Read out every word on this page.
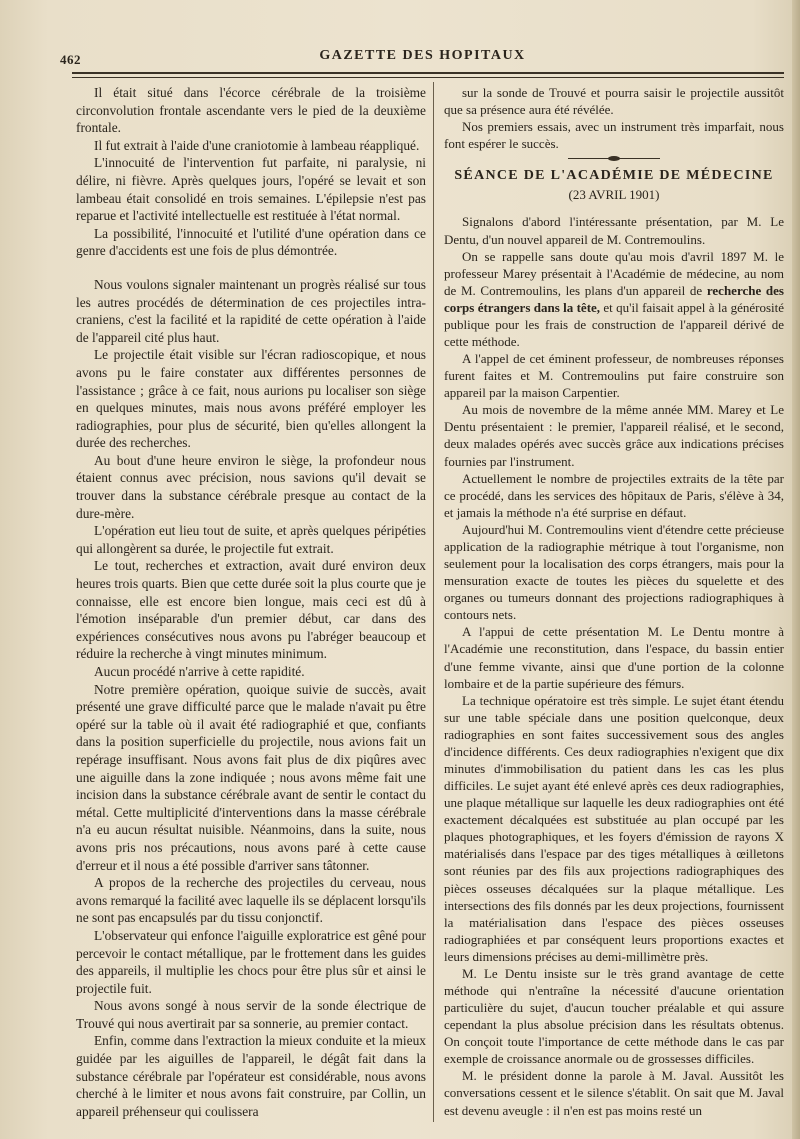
462	GAZETTE DES HOPITAUX

Il était situé dans l'écorce cérébrale de la troisième circonvolution frontale ascendante vers le pied de la deuxième frontale.

Il fut extrait à l'aide d'une craniotomie à lambeau réappliqué.

L'innocuité de l'intervention fut parfaite, ni paralysie, ni délire, ni fièvre. Après quelques jours, l'opéré se levait et son lambeau était consolidé en trois semaines. L'épilepsie n'est pas reparue et l'activité intellectuelle est restituée à l'état normal.

La possibilité, l'innocuité et l'utilité d'une opération dans ce genre d'accidents est une fois de plus démontrée.

Nous voulons signaler maintenant un progrès réalisé sur tous les autres procédés de détermination de ces projectiles intra-craniens, c'est la facilité et la rapidité de cette opération à l'aide de l'appareil cité plus haut.

Le projectile était visible sur l'écran radioscopique, et nous avons pu le faire constater aux différentes personnes de l'assistance ; grâce à ce fait, nous aurions pu localiser son siège en quelques minutes, mais nous avons préféré employer les radiographies, pour plus de sécurité, bien qu'elles allongent la durée des recherches.

Au bout d'une heure environ le siège, la profondeur nous étaient connus avec précision, nous savions qu'il devait se trouver dans la substance cérébrale presque au contact de la dure-mère.

L'opération eut lieu tout de suite, et après quelques péripéties qui allongèrent sa durée, le projectile fut extrait.

Le tout, recherches et extraction, avait duré environ deux heures trois quarts. Bien que cette durée soit la plus courte que je connaisse, elle est encore bien longue, mais ceci est dû à l'émotion inséparable d'un premier début, car dans des expériences consécutives nous avons pu l'abréger beaucoup et réduire la recherche à vingt minutes minimum.

Aucun procédé n'arrive à cette rapidité.

Notre première opération, quoique suivie de succès, avait présenté une grave difficulté parce que le malade n'avait pu être opéré sur la table où il avait été radiographié et que, confiants dans la position superficielle du projectile, nous avions fait un repérage insuffisant. Nous avons fait plus de dix piqûres avec une aiguille dans la zone indiquée ; nous avons même fait une incision dans la substance cérébrale avant de sentir le contact du métal. Cette multiplicité d'interventions dans la masse cérébrale n'a eu aucun résultat nuisible. Néanmoins, dans la suite, nous avons pris nos précautions, nous avons paré à cette cause d'erreur et il nous a été possible d'arriver sans tâtonner.

A propos de la recherche des projectiles du cerveau, nous avons remarqué la facilité avec laquelle ils se déplacent lorsqu'ils ne sont pas encapsulés par du tissu conjonctif.

L'observateur qui enfonce l'aiguille exploratrice est gêné pour percevoir le contact métallique, par le frottement dans les guides des appareils, il multiplie les chocs pour être plus sûr et ainsi le projectile fuit.

Nous avons songé à nous servir de la sonde électrique de Trouvé qui nous avertirait par sa sonnerie, au premier contact.

Enfin, comme dans l'extraction la mieux conduite et la mieux guidée par les aiguilles de l'appareil, le dégât fait dans la substance cérébrale par l'opérateur est considérable, nous avons cherché à le limiter et nous avons fait construire, par Collin, un appareil préhenseur qui coulissera

sur la sonde de Trouvé et pourra saisir le projectile aussitôt que sa présence aura été révélée.

Nos premiers essais, avec un instrument très imparfait, nous font espérer le succès.

SÉANCE DE L'ACADÉMIE DE MÉDECINE
(23 AVRIL 1901)

Signalons d'abord l'intéressante présentation, par M. Le Dentu, d'un nouvel appareil de M. Contremoulins.

On se rappelle sans doute qu'au mois d'avril 1897 M. le professeur Marey présentait à l'Académie de médecine, au nom de M. Contremoulins, les plans d'un appareil de recherche des corps étrangers dans la tête, et qu'il faisait appel à la générosité publique pour les frais de construction de l'appareil dérivé de cette méthode.

A l'appel de cet éminent professeur, de nombreuses réponses furent faites et M. Contremoulins put faire construire son appareil par la maison Carpentier.

Au mois de novembre de la même année MM. Marey et Le Dentu présentaient : le premier, l'appareil réalisé, et le second, deux malades opérés avec succès grâce aux indications précises fournies par l'instrument.

Actuellement le nombre de projectiles extraits de la tête par ce procédé, dans les services des hôpitaux de Paris, s'élève à 34, et jamais la méthode n'a été surprise en défaut.

Aujourd'hui M. Contremoulins vient d'étendre cette précieuse application de la radiographie métrique à tout l'organisme, non seulement pour la localisation des corps étrangers, mais pour la mensuration exacte de toutes les pièces du squelette et des organes ou tumeurs donnant des projections radiographiques à contours nets.

A l'appui de cette présentation M. Le Dentu montre à l'Académie une reconstitution, dans l'espace, du bassin entier d'une femme vivante, ainsi que d'une portion de la colonne lombaire et de la partie supérieure des fémurs.

La technique opératoire est très simple. Le sujet étant étendu sur une table spéciale dans une position quelconque, deux radiographies en sont faites successivement sous des angles d'incidence différents. Ces deux radiographies n'exigent que dix minutes d'immobilisation du patient dans les cas les plus difficiles. Le sujet ayant été enlevé après ces deux radiographies, une plaque métallique sur laquelle les deux radiographies ont été exactement décalquées est substituée au plan occupé par les plaques photographiques, et les foyers d'émission de rayons X matérialisés dans l'espace par des tiges métalliques à œilletons sont réunies par des fils aux projections radiographiques des pièces osseuses décalquées sur la plaque métallique. Les intersections des fils donnés par les deux projections, fournissent la matérialisation dans l'espace des pièces osseuses radiographiées et par conséquent leurs proportions exactes et leurs dimensions précises au demi-millimètre près.

M. Le Dentu insiste sur le très grand avantage de cette méthode qui n'entraîne la nécessité d'aucune orientation particulière du sujet, d'aucun toucher préalable et qui assure cependant la plus absolue précision dans les résultats obtenus. On conçoit toute l'importance de cette méthode dans le cas par exemple de croissance anormale ou de grossesses difficiles.

M. le président donne la parole à M. Javal. Aussitôt les conversations cessent et le silence s'établit. On sait que M. Javal est devenu aveugle : il n'en est pas moins resté un
